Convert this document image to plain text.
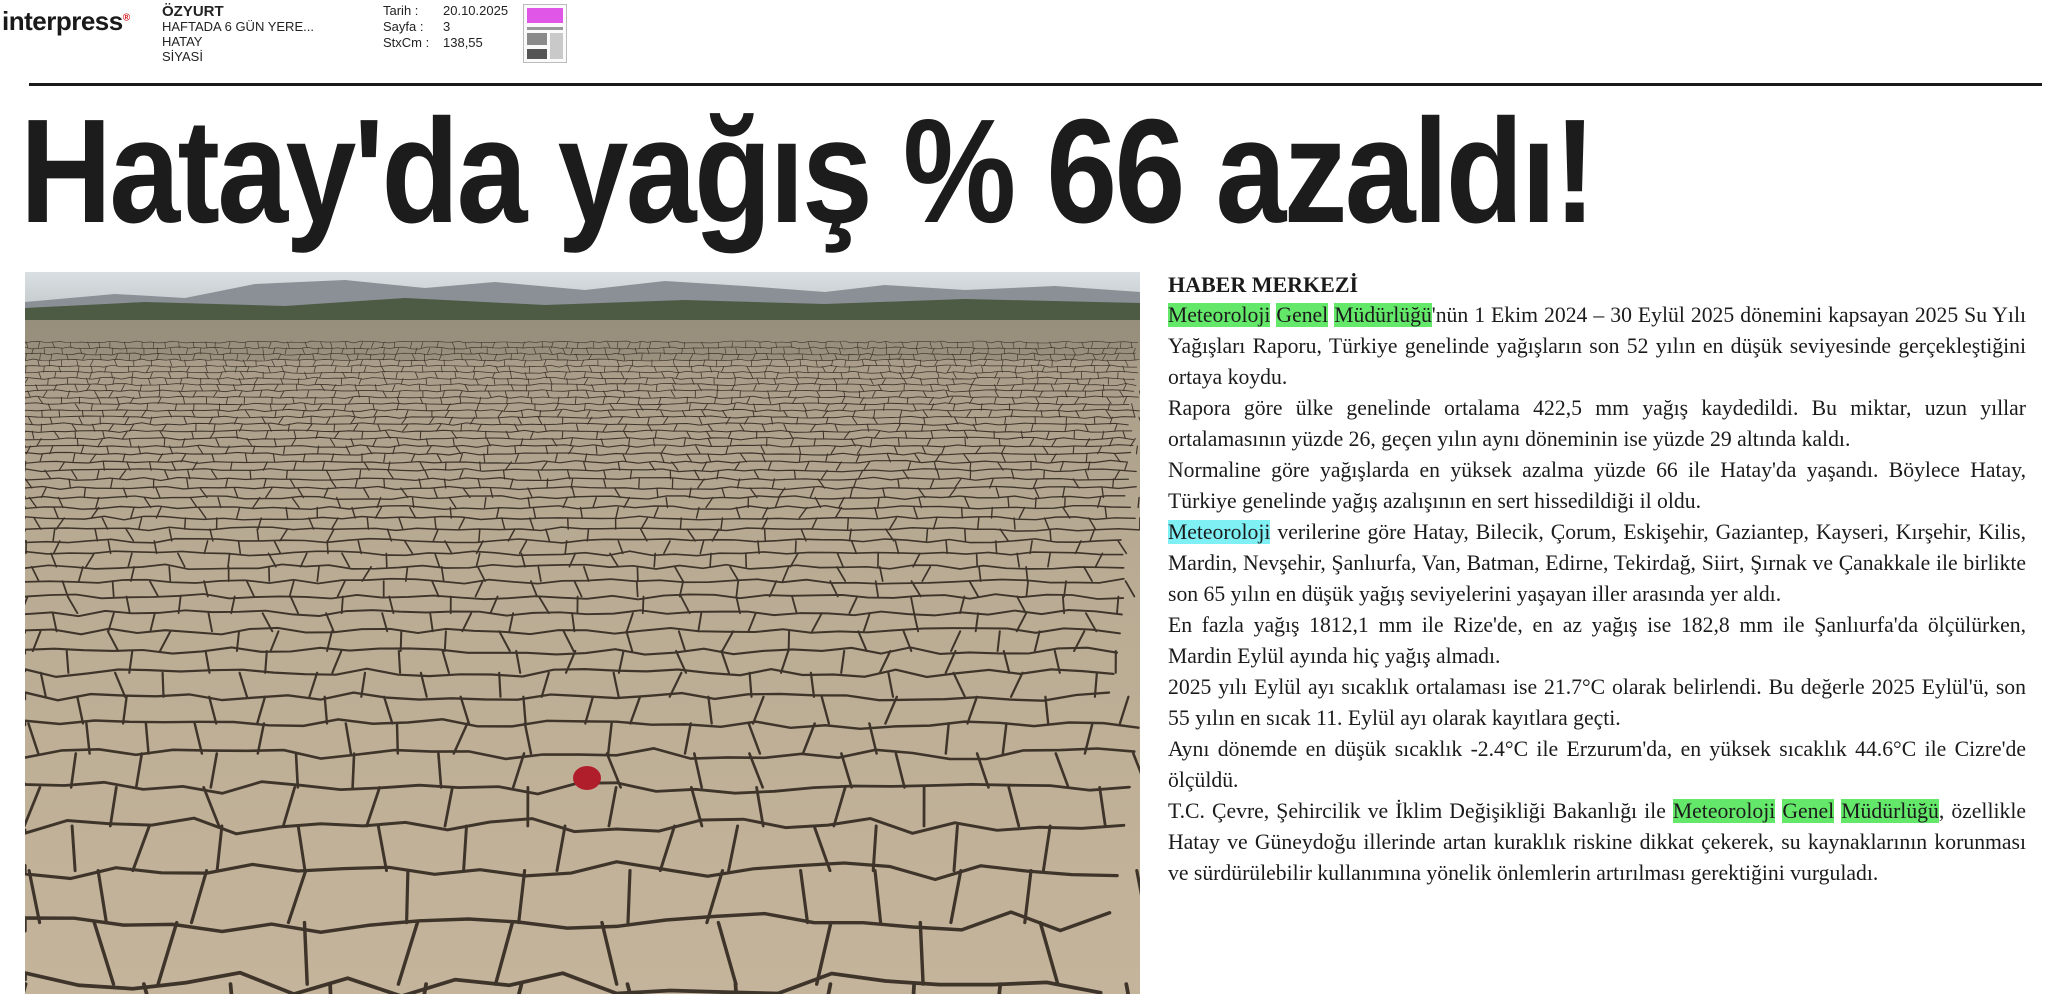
interpress® ÖZYURT
HAFTADA 6 GÜN YERE...
HATAY
SİYASİ
Tarih :	20.10.2025
Sayfa :	3
StxCm :	138,55
Hatay'da yağış % 66 azaldı!
HABER MERKEZİ

Meteoroloji Genel Müdürlüğü'nün 1 Ekim 2024 – 30 Eylül 2025 dönemini kapsayan 2025 Su Yılı Yağışları Raporu, Türkiye genelinde yağışların son 52 yılın en düşük seviyesinde gerçekleştiğini ortaya koydu.

Rapora göre ülke genelinde ortalama 422,5 mm yağış kaydedildi. Bu miktar, uzun yıllar ortalamasının yüzde 26, geçen yılın aynı döneminin ise yüzde 29 altında kaldı.

Normaline göre yağışlarda en yüksek azalma yüzde 66 ile Hatay'da yaşandı. Böylece Hatay, Türkiye genelinde yağış azalışının en sert hissedildiği il oldu.

Meteoroloji verilerine göre Hatay, Bilecik, Çorum, Eskişehir, Gaziantep, Kayseri, Kırşehir, Kilis, Mardin, Nevşehir, Şanlıurfa, Van, Batman, Edirne, Tekirdağ, Siirt, Şırnak ve Çanakkale ile birlikte son 65 yılın en düşük yağış seviyelerini yaşayan iller arasında yer aldı.

En fazla yağış 1812,1 mm ile Rize'de, en az yağış ise 182,8 mm ile Şanlıurfa'da ölçülürken, Mardin Eylül ayında hiç yağış almadı.

2025 yılı Eylül ayı sıcaklık ortalaması ise 21.7°C olarak belirlendi. Bu değerle 2025 Eylül'ü, son 55 yılın en sıcak 11. Eylül ayı olarak kayıtlara geçti.

Aynı dönemde en düşük sıcaklık -2.4°C ile Erzurum'da, en yüksek sıcaklık 44.6°C ile Cizre'de ölçüldü.

T.C. Çevre, Şehircilik ve İklim Değişikliği Bakanlığı ile Meteoroloji Genel Müdürlüğü, özellikle Hatay ve Güneydoğu illerinde artan kuraklık riskine dikkat çekerek, su kaynaklarının korunması ve sürdürülebilir kullanımına yönelik önlemlerin artırılması gerektiğini vurguladı.
